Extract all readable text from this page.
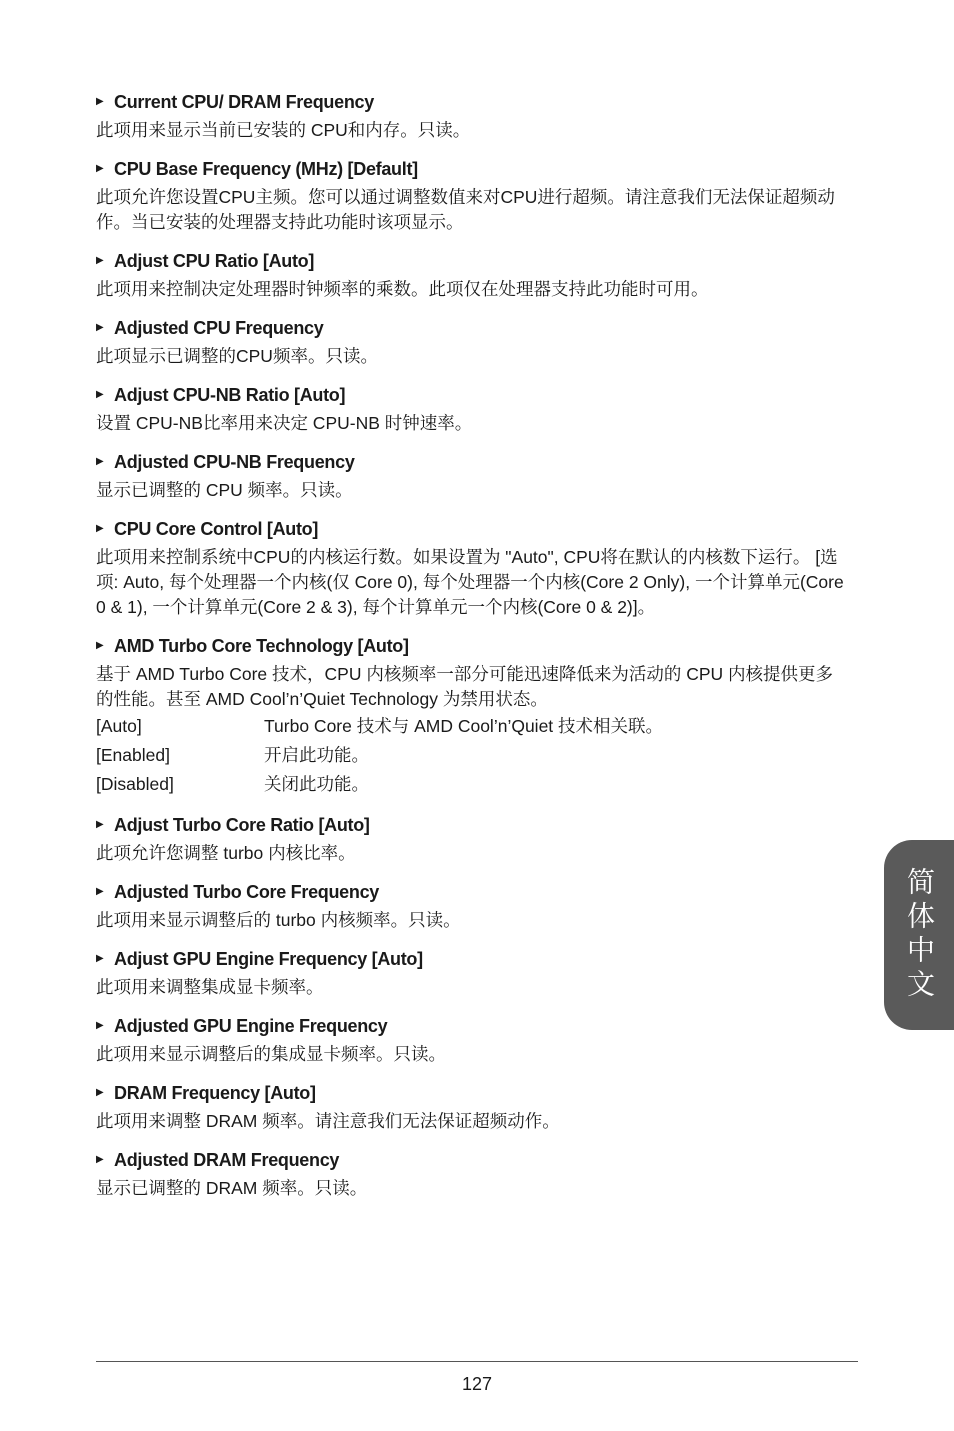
▶ Current CPU/ DRAM Frequency
此项用来显示当前已安装的 CPU和内存。只读。
▶ CPU Base Frequency (MHz) [Default]
此项允许您设置CPU主频。您可以通过调整数值来对CPU进行超频。请注意我们无法保证超频动作。当已安装的处理器支持此功能时该项显示。
▶ Adjust CPU Ratio [Auto]
此项用来控制决定处理器时钟频率的乘数。此项仅在处理器支持此功能时可用。
▶ Adjusted CPU Frequency
此项显示已调整的CPU频率。只读。
▶ Adjust CPU-NB Ratio [Auto]
设置 CPU-NB比率用来决定 CPU-NB 时钟速率。
▶ Adjusted CPU-NB Frequency
显示已调整的 CPU 频率。只读。
▶ CPU Core Control [Auto]
此项用来控制系统中CPU的内核运行数。如果设置为 "Auto", CPU将在默认的内核数下运行。 [选项: Auto, 每个处理器一个内核(仅 Core 0), 每个处理器一个内核(Core 2 Only), 一个计算单元(Core 0 & 1), 一个计算单元(Core 2 & 3), 每个计算单元一个内核(Core 0 & 2)]。
▶ AMD Turbo Core Technology [Auto]
基于 AMD Turbo Core 技术，CPU 内核频率一部分可能迅速降低来为活动的 CPU 内核提供更多的性能。甚至 AMD Cool’n’Quiet Technology 为禁用状态。
[Auto]	Turbo Core 技术与 AMD Cool’n’Quiet 技术相关联。
[Enabled]	开启此功能。
[Disabled]	关闭此功能。
▶ Adjust Turbo Core Ratio [Auto]
此项允许您调整 turbo 内核比率。
▶ Adjusted Turbo Core Frequency
此项用来显示调整后的 turbo 内核频率。只读。
▶ Adjust GPU Engine Frequency [Auto]
此项用来调整集成显卡频率。
▶ Adjusted GPU Engine Frequency
此项用来显示调整后的集成显卡频率。只读。
▶ DRAM Frequency [Auto]
此项用来调整 DRAM 频率。请注意我们无法保证超频动作。
▶ Adjusted DRAM Frequency
显示已调整的 DRAM 频率。只读。
简体中文
127
